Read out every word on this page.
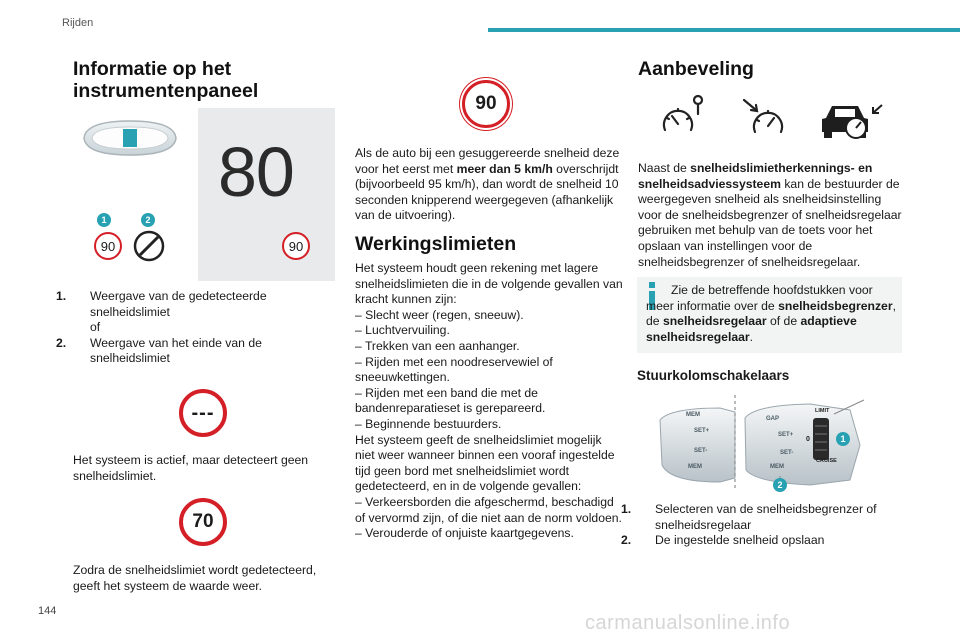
Rijden
Informatie op het instrumentenpaneel
80
1	2
90	90
1. Weergave van de gedetecteerde snelheidslimiet
of
2. Weergave van het einde van de snelheidslimiet
---
Het systeem is actief, maar detecteert geen snelheidslimiet.
70
Zodra de snelheidslimiet wordt gedetecteerd, geeft het systeem de waarde weer.
90
Als de auto bij een gesuggereerde snelheid deze voor het eerst met meer dan 5 km/h overschrijdt (bijvoorbeeld 95 km/h), dan wordt de snelheid 10 seconden knipperend weergegeven (afhankelijk van de uitvoering).
Werkingslimieten
Het systeem houdt geen rekening met lagere snelheidslimieten die in de volgende gevallen van kracht kunnen zijn:
– Slecht weer (regen, sneeuw).
– Luchtvervuiling.
– Trekken van een aanhanger.
– Rijden met een noodreservewiel of sneeuwkettingen.
– Rijden met een band die met de bandenreparatieset is gerepareerd.
– Beginnende bestuurders.
Het systeem geeft de snelheidslimiet mogelijk niet weer wanneer binnen een vooraf ingestelde tijd geen bord met snelheidslimiet wordt gedetecteerd, en in de volgende gevallen:
– Verkeersborden die afgeschermd, beschadigd of vervormd zijn, of die niet aan de norm voldoen.
– Verouderde of onjuiste kaartgegevens.
Aanbeveling
Naast de snelheidslimietherkennings- en snelheidsadviessysteem kan de bestuurder de weergegeven snelheid als snelheidsinstelling voor de snelheidsbegrenzer of snelheidsregelaar gebruiken met behulp van de toets voor het opslaan van instellingen voor de snelheidsbegrenzer of snelheidsregelaar.
Zie de betreffende hoofdstukken voor meer informatie over de snelheidsbegrenzer, de snelheidsregelaar of de adaptieve snelheidsregelaar.
Stuurkolomschakelaars
MEM
SET+
SET-
MEM
GAP
SET+
SET-
MEM
LIMIT
CRUISE
0	1
2
1. Selecteren van de snelheidsbegrenzer of snelheidsregelaar
2. De ingestelde snelheid opslaan
144
carmanualsonline.info
